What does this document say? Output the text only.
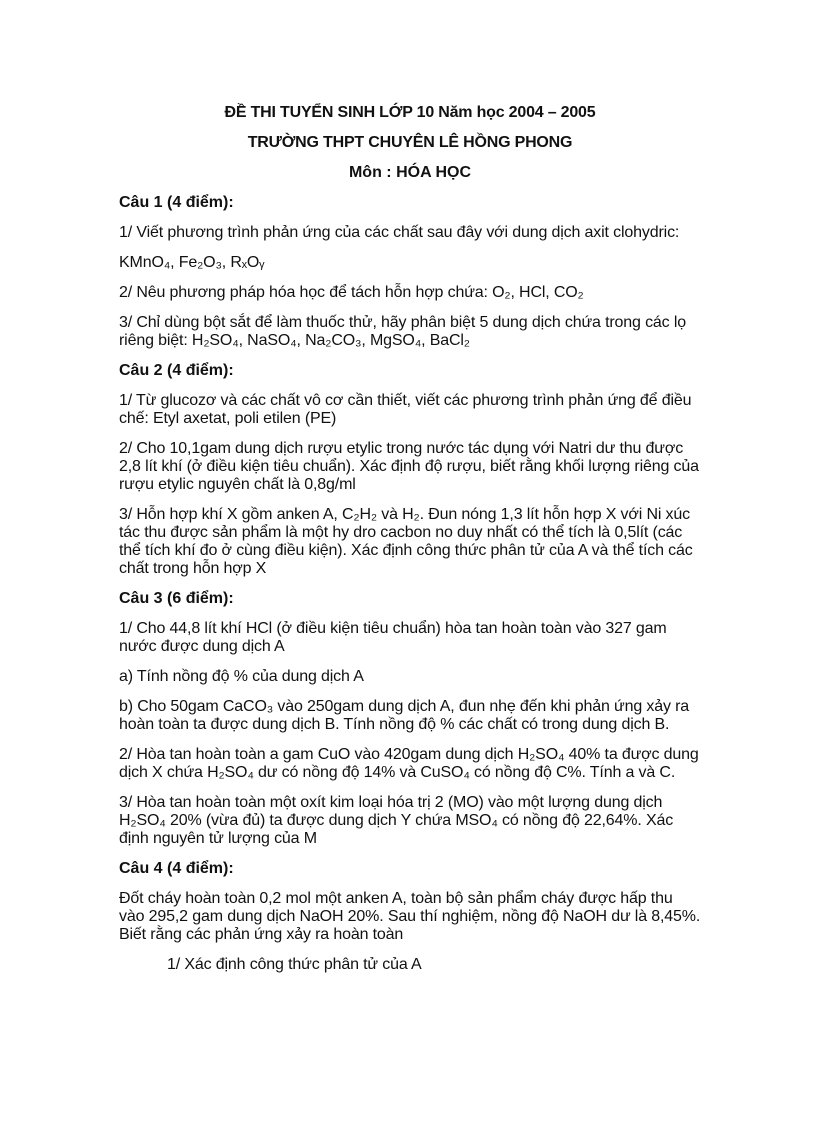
ĐỀ THI TUYỂN SINH LỚP 10 Năm học 2004 – 2005
TRƯỜNG THPT CHUYÊN LÊ HỒNG PHONG
Môn : HÓA HỌC
Câu 1 (4 điểm):

1/ Viết phương trình phản ứng của các chất sau đây với dung dịch axit clohydric:

KMnO₄, Fe₂O₃, RₓOᵧ

2/ Nêu phương pháp hóa học để tách hỗn hợp chứa: O₂, HCl, CO₂

3/ Chỉ dùng bột sắt để làm thuốc thử, hãy phân biệt 5 dung dịch chứa trong các lọ riêng biệt: H₂SO₄, NaSO₄, Na₂CO₃, MgSO₄, BaCl₂

Câu 2 (4 điểm):

1/ Từ glucozơ và các chất vô cơ cần thiết, viết các phương trình phản ứng để điều chế: Etyl axetat, poli etilen (PE)

2/ Cho 10,1gam dung dịch rượu etylic trong nước tác dụng với Natri dư thu được 2,8 lít khí (ở điều kiện tiêu chuẩn). Xác định độ rượu, biết rằng khối lượng riêng của rượu etylic nguyên chất là 0,8g/ml

3/ Hỗn hợp khí X gồm anken A, C₂H₂ và H₂. Đun nóng 1,3 lít hỗn hợp X với Ni xúc tác thu được sản phẩm là một hy dro cacbon no duy nhất có thể tích là 0,5lít (các thể tích khí đo ở cùng điều kiện). Xác định công thức phân tử của A và thể tích các chất trong hỗn hợp X

Câu 3 (6 điểm):

1/ Cho 44,8 lít khí HCl (ở điều kiện tiêu chuẩn) hòa tan hoàn toàn vào 327 gam nước được dung dịch A

a) Tính nồng độ % của dung dịch A

b) Cho 50gam CaCO₃ vào 250gam dung dịch A, đun nhẹ đến khi phản ứng xảy ra hoàn toàn ta được dung dịch B. Tính nồng độ % các chất có trong dung dịch B.

2/ Hòa tan hoàn toàn a gam CuO vào 420gam dung dịch H₂SO₄ 40% ta được dung dịch X chứa H₂SO₄ dư có nồng độ 14% và CuSO₄ có nồng độ C%. Tính a và C.

3/ Hòa tan hoàn toàn một oxít kim loại hóa trị 2 (MO) vào một lượng dung dịch H₂SO₄ 20% (vừa đủ) ta được dung dịch Y chứa MSO₄ có nồng độ 22,64%. Xác định nguyên tử lượng của M

Câu 4 (4 điểm):

Đốt cháy hoàn toàn 0,2 mol một anken A, toàn bộ sản phẩm cháy được hấp thu vào 295,2 gam dung dịch NaOH 20%. Sau thí nghiệm, nồng độ NaOH dư là 8,45%. Biết rằng các phản ứng xảy ra hoàn toàn

1/ Xác định công thức phân tử của A
